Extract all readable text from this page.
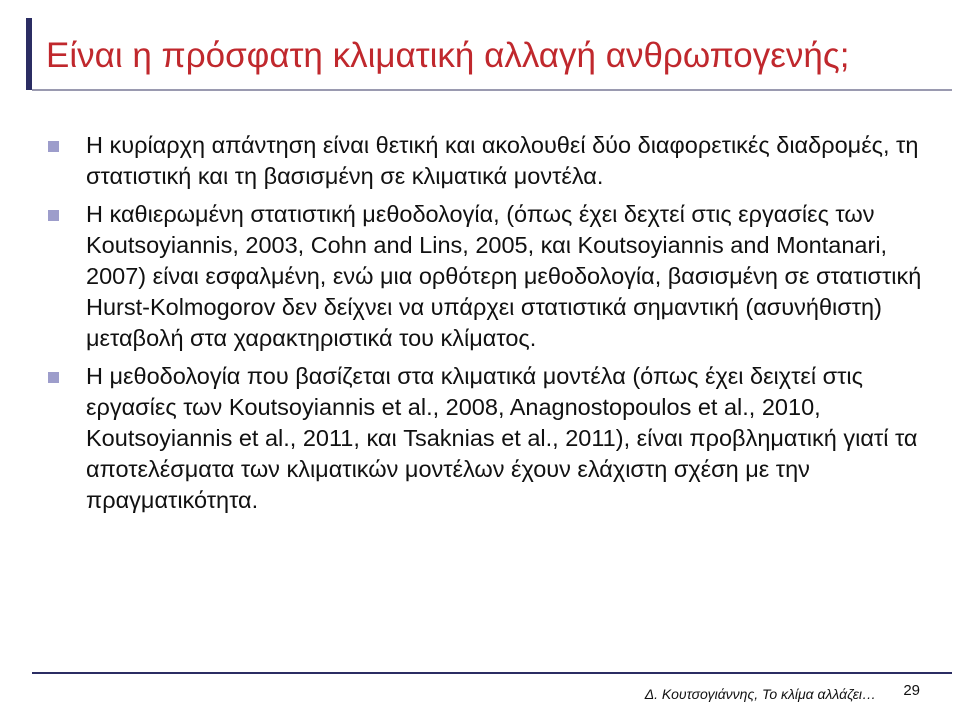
Είναι η πρόσφατη κλιματική αλλαγή ανθρωπογενής;
Η κυρίαρχη απάντηση είναι θετική και ακολουθεί δύο διαφορετικές διαδρομές, τη στατιστική και τη βασισμένη σε κλιματικά μοντέλα.
Η καθιερωμένη στατιστική μεθοδολογία, (όπως έχει δεχτεί στις εργασίες των Koutsoyiannis, 2003, Cohn and Lins, 2005, και Koutsoyiannis and Montanari, 2007) είναι εσφαλμένη, ενώ μια ορθότερη μεθοδολογία, βασισμένη σε στατιστική Hurst-Kolmogorov δεν δείχνει να υπάρχει στατιστικά σημαντική (ασυνήθιστη) μεταβολή στα χαρακτηριστικά του κλίματος.
Η μεθοδολογία που βασίζεται στα κλιματικά μοντέλα (όπως έχει δειχτεί στις εργασίες των Koutsoyiannis et al., 2008, Anagnostopoulos et al., 2010, Koutsoyiannis et al., 2011, και Tsaknias et al., 2011), είναι προβληματική γιατί τα αποτελέσματα των κλιματικών μοντέλων έχουν ελάχιστη σχέση με την πραγματικότητα.
Δ. Κουτσογιάννης, Το κλίμα αλλάζει… 29
